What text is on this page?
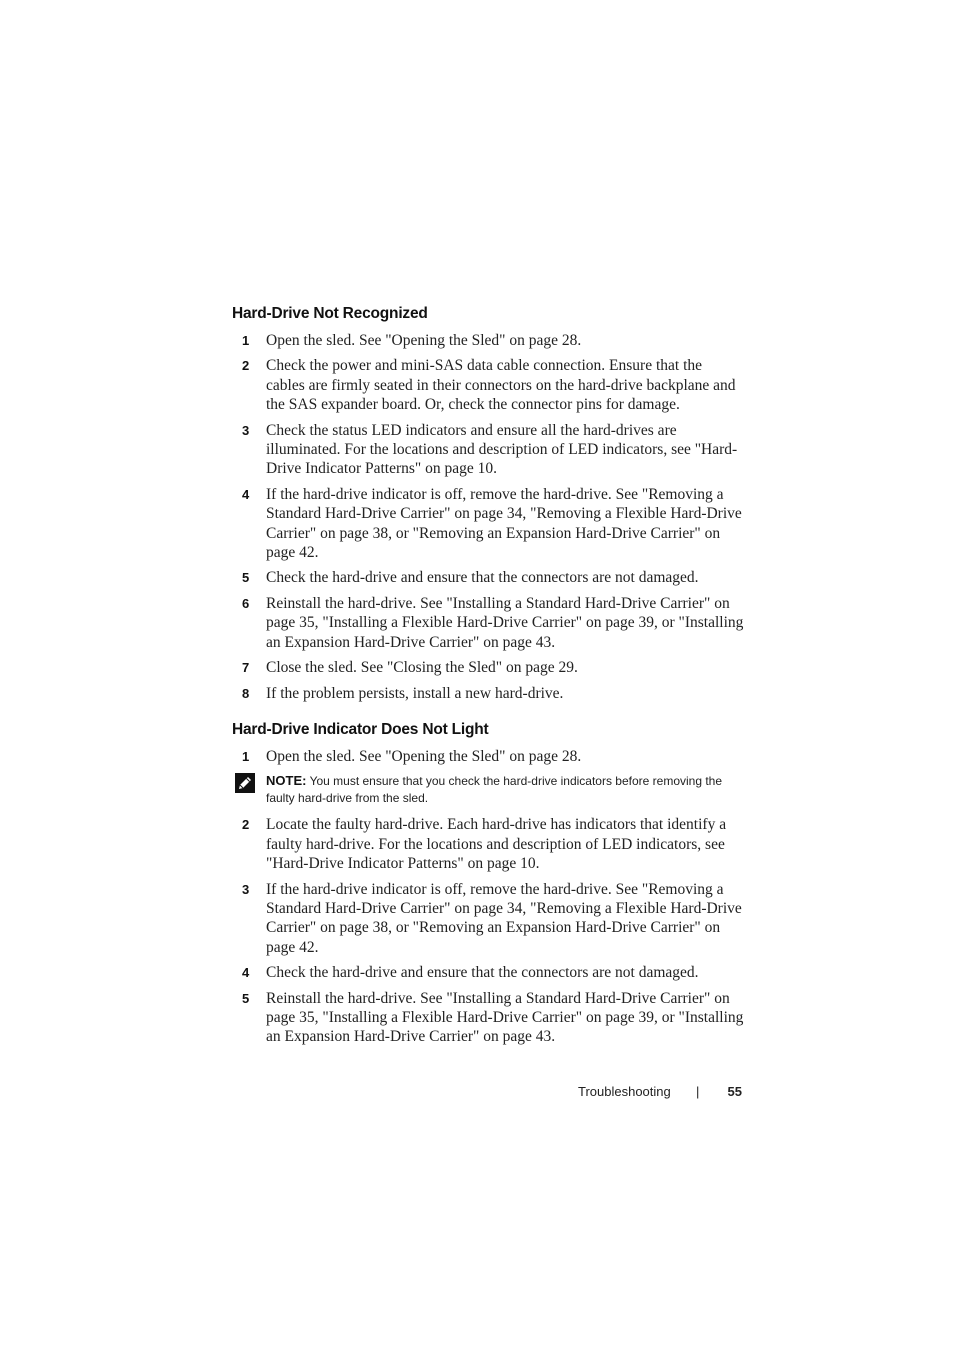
Hard-Drive Not Recognized
1 Open the sled. See "Opening the Sled" on page 28.
2 Check the power and mini-SAS data cable connection. Ensure that the cables are firmly seated in their connectors on the hard-drive backplane and the SAS expander board. Or, check the connector pins for damage.
3 Check the status LED indicators and ensure all the hard-drives are illuminated. For the locations and description of LED indicators, see "Hard-Drive Indicator Patterns" on page 10.
4 If the hard-drive indicator is off, remove the hard-drive. See "Removing a Standard Hard-Drive Carrier" on page 34, "Removing a Flexible Hard-Drive Carrier" on page 38, or "Removing an Expansion Hard-Drive Carrier" on page 42.
5 Check the hard-drive and ensure that the connectors are not damaged.
6 Reinstall the hard-drive. See "Installing a Standard Hard-Drive Carrier" on page 35, "Installing a Flexible Hard-Drive Carrier" on page 39, or "Installing an Expansion Hard-Drive Carrier" on page 43.
7 Close the sled. See "Closing the Sled" on page 29.
8 If the problem persists, install a new hard-drive.
Hard-Drive Indicator Does Not Light
1 Open the sled. See "Opening the Sled" on page 28.
NOTE: You must ensure that you check the hard-drive indicators before removing the faulty hard-drive from the sled.
2 Locate the faulty hard-drive. Each hard-drive has indicators that identify a faulty hard-drive. For the locations and description of LED indicators, see "Hard-Drive Indicator Patterns" on page 10.
3 If the hard-drive indicator is off, remove the hard-drive. See "Removing a Standard Hard-Drive Carrier" on page 34, "Removing a Flexible Hard-Drive Carrier" on page 38, or "Removing an Expansion Hard-Drive Carrier" on page 42.
4 Check the hard-drive and ensure that the connectors are not damaged.
5 Reinstall the hard-drive. See "Installing a Standard Hard-Drive Carrier" on page 35, "Installing a Flexible Hard-Drive Carrier" on page 39, or "Installing an Expansion Hard-Drive Carrier" on page 43.
Troubleshooting | 55
